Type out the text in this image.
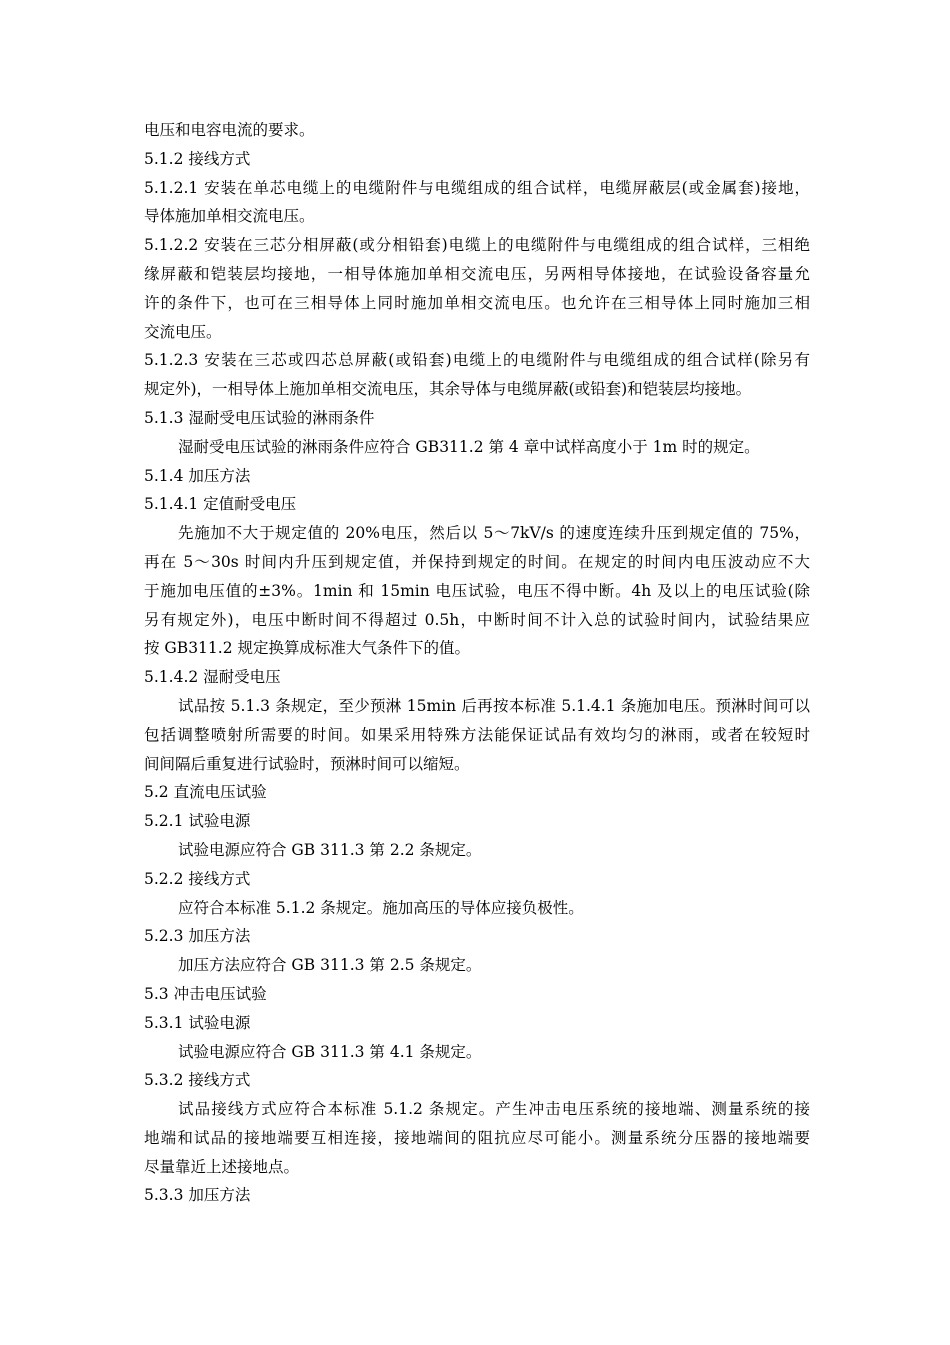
电压和电容电流的要求。
5.1.2 接线方式
5.1.2.1 安装在单芯电缆上的电缆附件与电缆组成的组合试样，电缆屏蔽层(或金属套)接地，
导体施加单相交流电压。
5.1.2.2 安装在三芯分相屏蔽(或分相铅套)电缆上的电缆附件与电缆组成的组合试样，三相绝
缘屏蔽和铠装层均接地，一相导体施加单相交流电压，另两相导体接地，在试验设备容量允
许的条件下，也可在三相导体上同时施加单相交流电压。也允许在三相导体上同时施加三相
交流电压。
5.1.2.3 安装在三芯或四芯总屏蔽(或铅套)电缆上的电缆附件与电缆组成的组合试样(除另有
规定外)，一相导体上施加单相交流电压，其余导体与电缆屏蔽(或铅套)和铠装层均接地。
5.1.3 湿耐受电压试验的淋雨条件
湿耐受电压试验的淋雨条件应符合 GB311.2 第 4 章中试样高度小于 1m 时的规定。
5.1.4 加压方法
5.1.4.1 定值耐受电压
先施加不大于规定值的 20%电压，然后以 5～7kV/s 的速度连续升压到规定值的 75%，
再在 5～30s 时间内升压到规定值，并保持到规定的时间。在规定的时间内电压波动应不大
于施加电压值的±3%。1min 和 15min 电压试验，电压不得中断。4h 及以上的电压试验(除
另有规定外)，电压中断时间不得超过 0.5h，中断时间不计入总的试验时间内，试验结果应
按 GB311.2 规定换算成标准大气条件下的值。
5.1.4.2 湿耐受电压
试品按 5.1.3 条规定，至少预淋 15min 后再按本标准 5.1.4.1 条施加电压。预淋时间可以
包括调整喷射所需要的时间。如果采用特殊方法能保证试品有效均匀的淋雨，或者在较短时
间间隔后重复进行试验时，预淋时间可以缩短。
5.2 直流电压试验
5.2.1 试验电源
试验电源应符合 GB 311.3 第 2.2 条规定。
5.2.2 接线方式
应符合本标准 5.1.2 条规定。施加高压的导体应接负极性。
5.2.3 加压方法
加压方法应符合 GB 311.3 第 2.5 条规定。
5.3 冲击电压试验
5.3.1 试验电源
试验电源应符合 GB 311.3 第 4.1 条规定。
5.3.2 接线方式
试品接线方式应符合本标准 5.1.2 条规定。产生冲击电压系统的接地端、测量系统的接
地端和试品的接地端要互相连接，接地端间的阻抗应尽可能小。测量系统分压器的接地端要
尽量靠近上述接地点。
5.3.3 加压方法
